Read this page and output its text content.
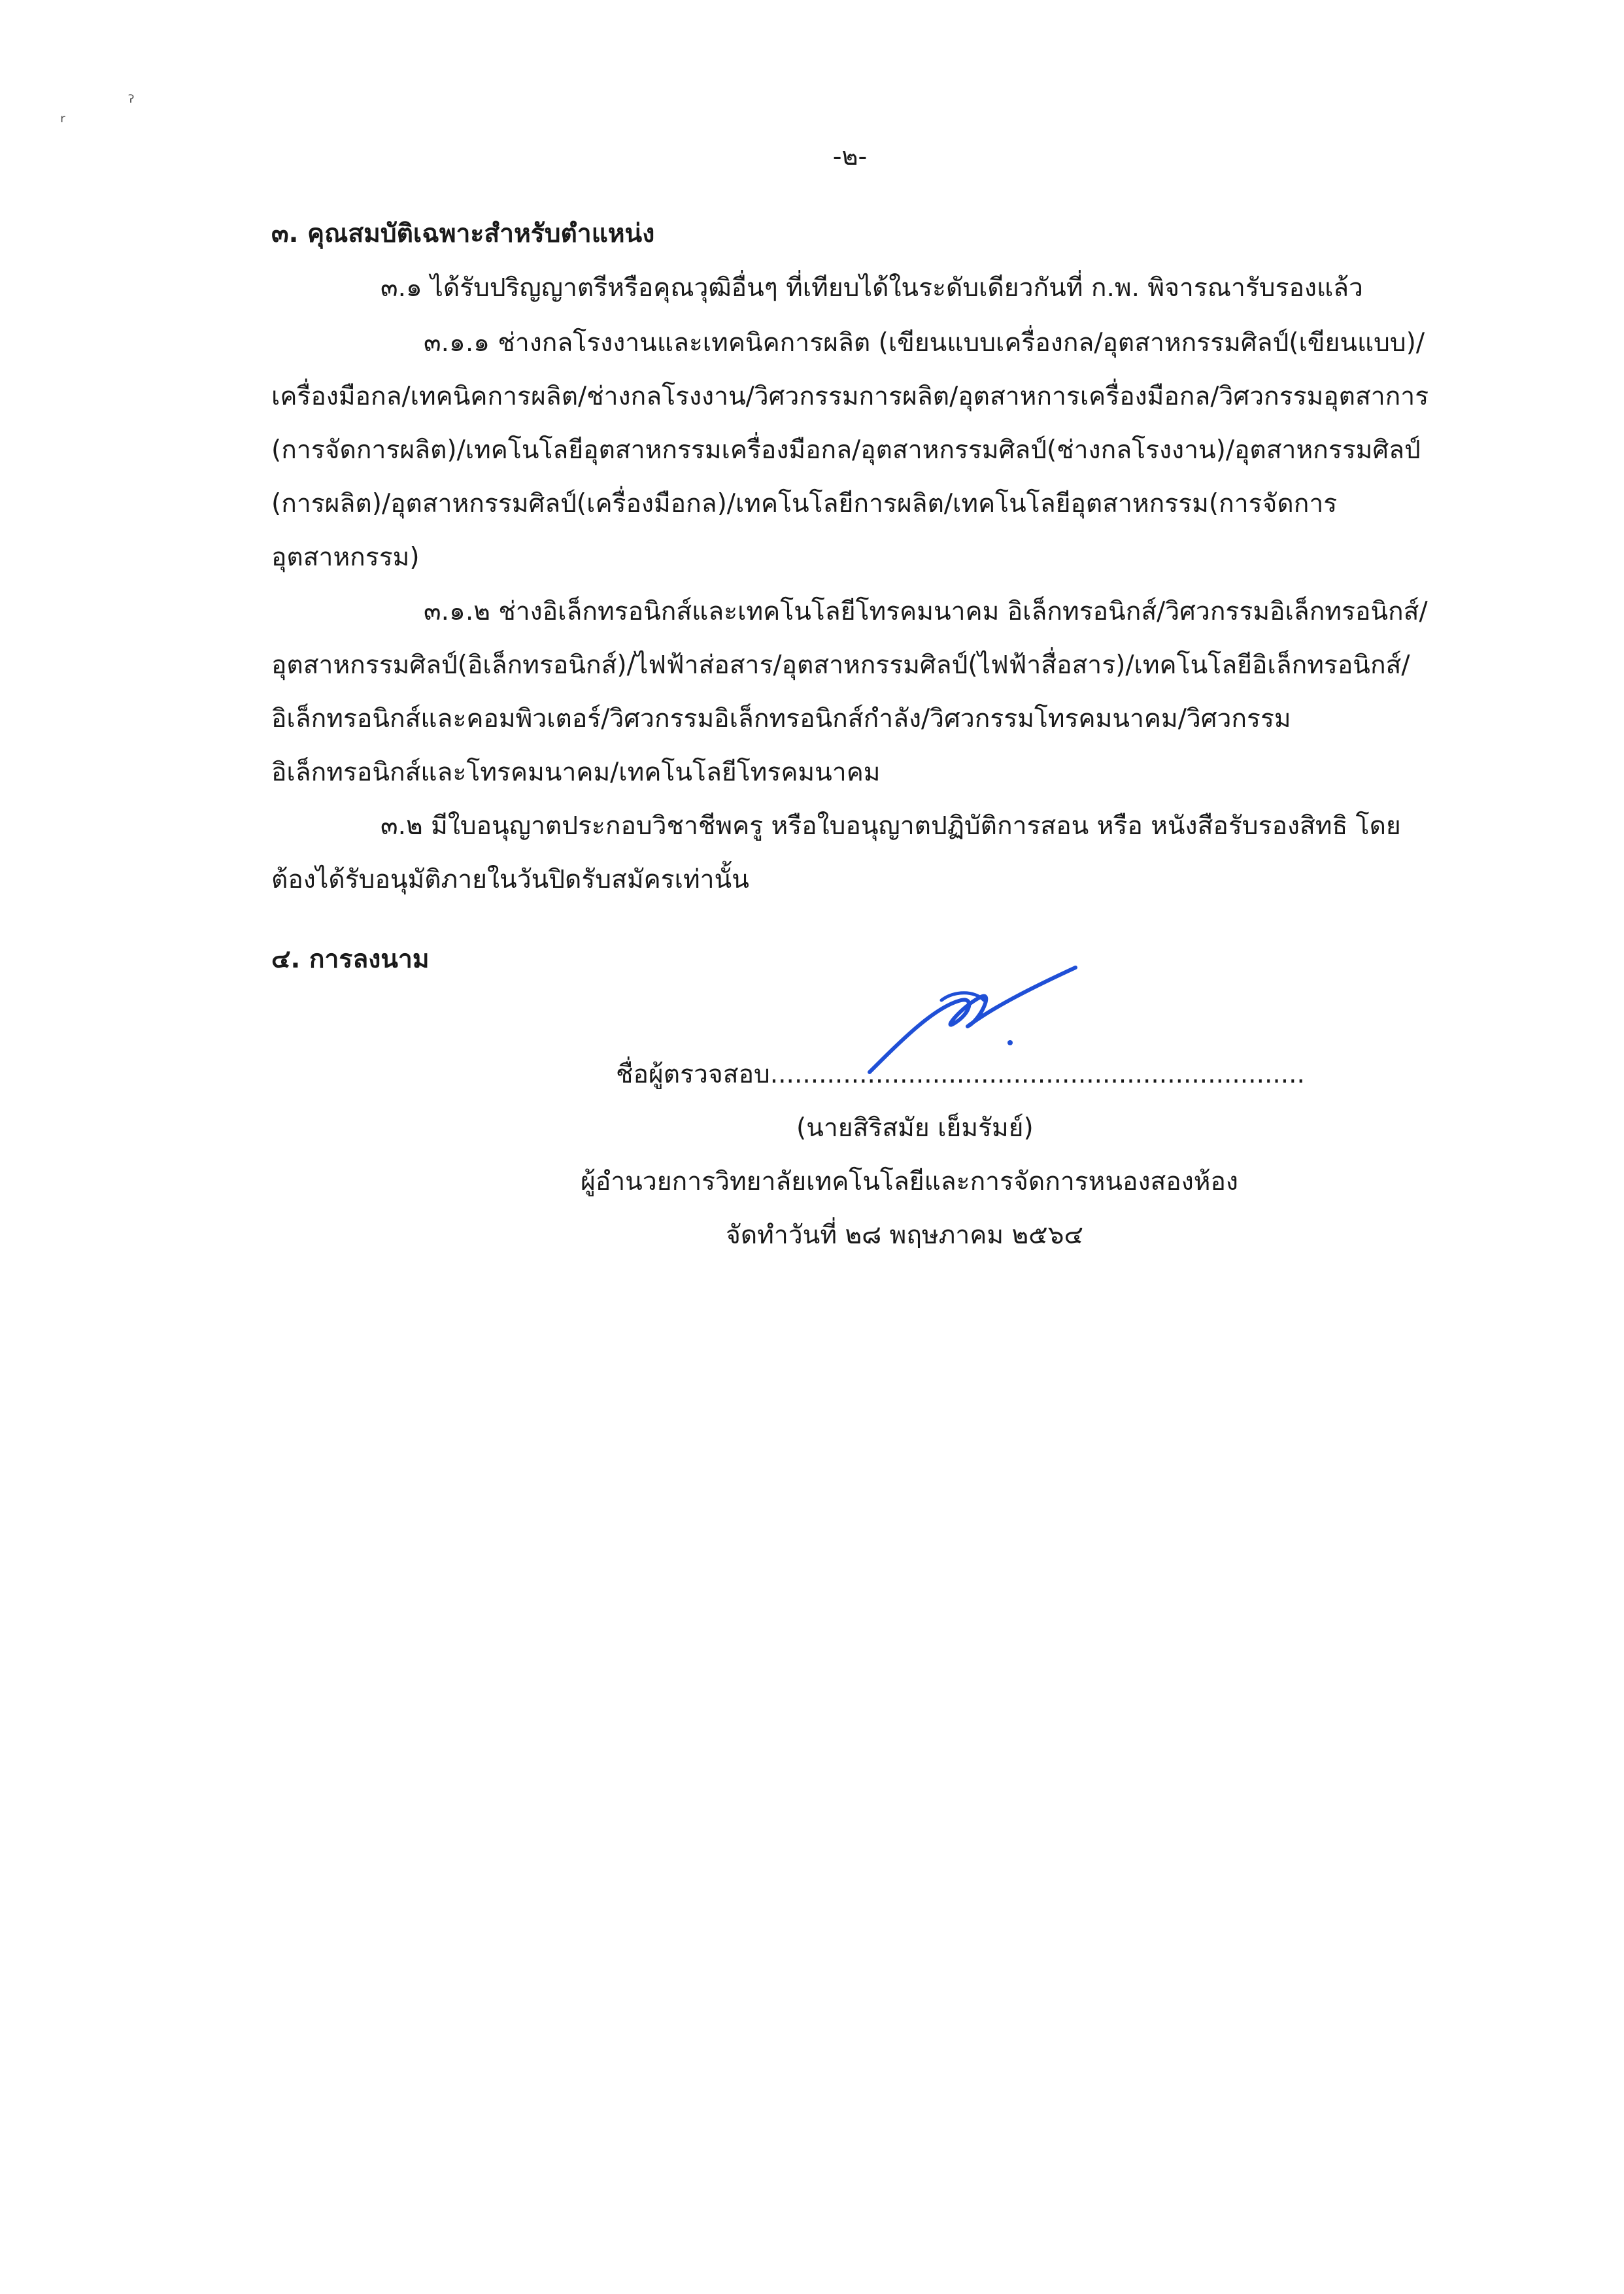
ʳ
ˀ
-๒-
๓. คุณสมบัติเฉพาะสำหรับตำแหน่ง
๓.๑ ได้รับปริญญาตรีหรือคุณวุฒิอื่นๆ ที่เทียบได้ในระดับเดียวกันที่ ก.พ. พิจารณารับรองแล้ว
๓.๑.๑ ช่างกลโรงงานและเทคนิคการผลิต (เขียนแบบเครื่องกล/อุตสาหกรรมศิลป์(เขียนแบบ)/
เครื่องมือกล/เทคนิคการผลิต/ช่างกลโรงงาน/วิศวกรรมการผลิต/อุตสาหการเครื่องมือกล/วิศวกรรมอุตสาการ
(การจัดการผลิต)/เทคโนโลยีอุตสาหกรรมเครื่องมือกล/อุตสาหกรรมศิลป์(ช่างกลโรงงาน)/อุตสาหกรรมศิลป์
(การผลิต)/อุตสาหกรรมศิลป์(เครื่องมือกล)/เทคโนโลยีการผลิต/เทคโนโลยีอุตสาหกรรม(การจัดการ
อุตสาหกรรม)
๓.๑.๒ ช่างอิเล็กทรอนิกส์และเทคโนโลยีโทรคมนาคม อิเล็กทรอนิกส์/วิศวกรรมอิเล็กทรอนิกส์/
อุตสาหกรรมศิลป์(อิเล็กทรอนิกส์)/ไฟฟ้าส่อสาร/อุตสาหกรรมศิลป์(ไฟฟ้าสื่อสาร)/เทคโนโลยีอิเล็กทรอนิกส์/
อิเล็กทรอนิกส์และคอมพิวเตอร์/วิศวกรรมอิเล็กทรอนิกส์กำลัง/วิศวกรรมโทรคมนาคม/วิศวกรรม
อิเล็กทรอนิกส์และโทรคมนาคม/เทคโนโลยีโทรคมนาคม
๓.๒ มีใบอนุญาตประกอบวิชาชีพครู หรือใบอนุญาตปฏิบัติการสอน หรือ หนังสือรับรองสิทธิ โดย
ต้องได้รับอนุมัติภายในวันปิดรับสมัครเท่านั้น
๔. การลงนาม
ชื่อผู้ตรวจสอบ..................................................................
(นายสิริสมัย เย็มรัมย์)
ผู้อำนวยการวิทยาลัยเทคโนโลยีและการจัดการหนองสองห้อง
จัดทำวันที่ ๒๘ พฤษภาคม ๒๕๖๔
